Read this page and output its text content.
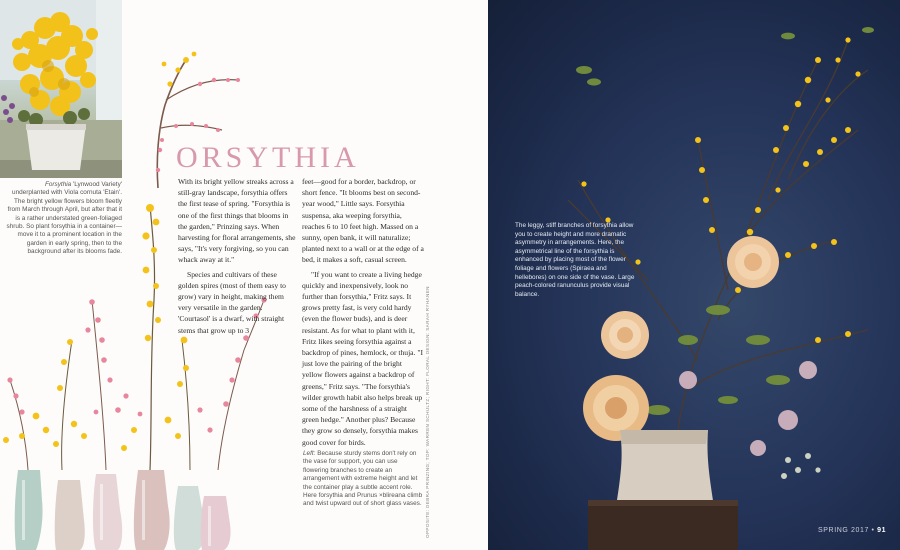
Forsythia 'Lynwood Variety' underplanted with Viola cornuta 'Etain'. The bright yellow flowers bloom fleetly from March through April, but after that it is a rather understated green-foliaged shrub. So plant forsythia in a container—move it to a prominent location in the garden in early spring, then to the background after its blooms fade.
ORSYTHIA

With its bright yellow streaks across a still-gray landscape, forsythia offers the first tease of spring. "Forsythia is one of the first things that blooms in the garden," Prinzing says. When harvesting for floral arrangements, she says, "It's very forgiving, so you can whack away at it."

Species and cultivars of these golden spires (most of them easy to grow) vary in height, making them very versatile in the garden. 'Courtasol' is a dwarf, with straight stems that grow up to 3

feet—good for a border, backdrop, or short fence. "It blooms best on second-year wood," Little says. Forsythia suspensa, aka weeping forsythia, reaches 6 to 10 feet high. Massed on a sunny, open bank, it will naturalize; planted next to a wall or at the edge of a bed, it makes a soft, casual screen.

"If you want to create a living hedge quickly and inexpensively, look no further than forsythia," Fritz says. It grows pretty fast, is very cold hardy (even the flower buds), and is deer resistant. As for what to plant with it, Fritz likes seeing forsythia against a backdrop of pines, hemlock, or thuja. "I just love the pairing of the bright yellow flowers against a backdrop of greens," Fritz says. "The forsythia's wilder growth habit also helps break up some of the harshness of a straight green hedge." Another plus? Because they grow so densely, forsythia makes good cover for birds.

Left: Because sturdy stems don't rely on the vase for support, you can use flowering branches to create an arrangement with extreme height and let the container play a subtle accent role. Here forsythia and Prunus ×blireana climb and twist upward out of short glass vases. OPPOSITE: DEBRA PRINZING; TOP: WARREN SCHULTZ; RIGHT: FLORAL DESIGN: SARAH RYHANEN
The leggy, stiff branches of forsythia allow you to create height and more dramatic asymmetry in arrangements. Here, the asymmetrical line of the forsythia is enhanced by placing most of the flower foliage and flowers (Spiraea and hellebores) on one side of the vase. Large peach-colored ranunculus provide visual balance.
SPRING 2017 • 91
